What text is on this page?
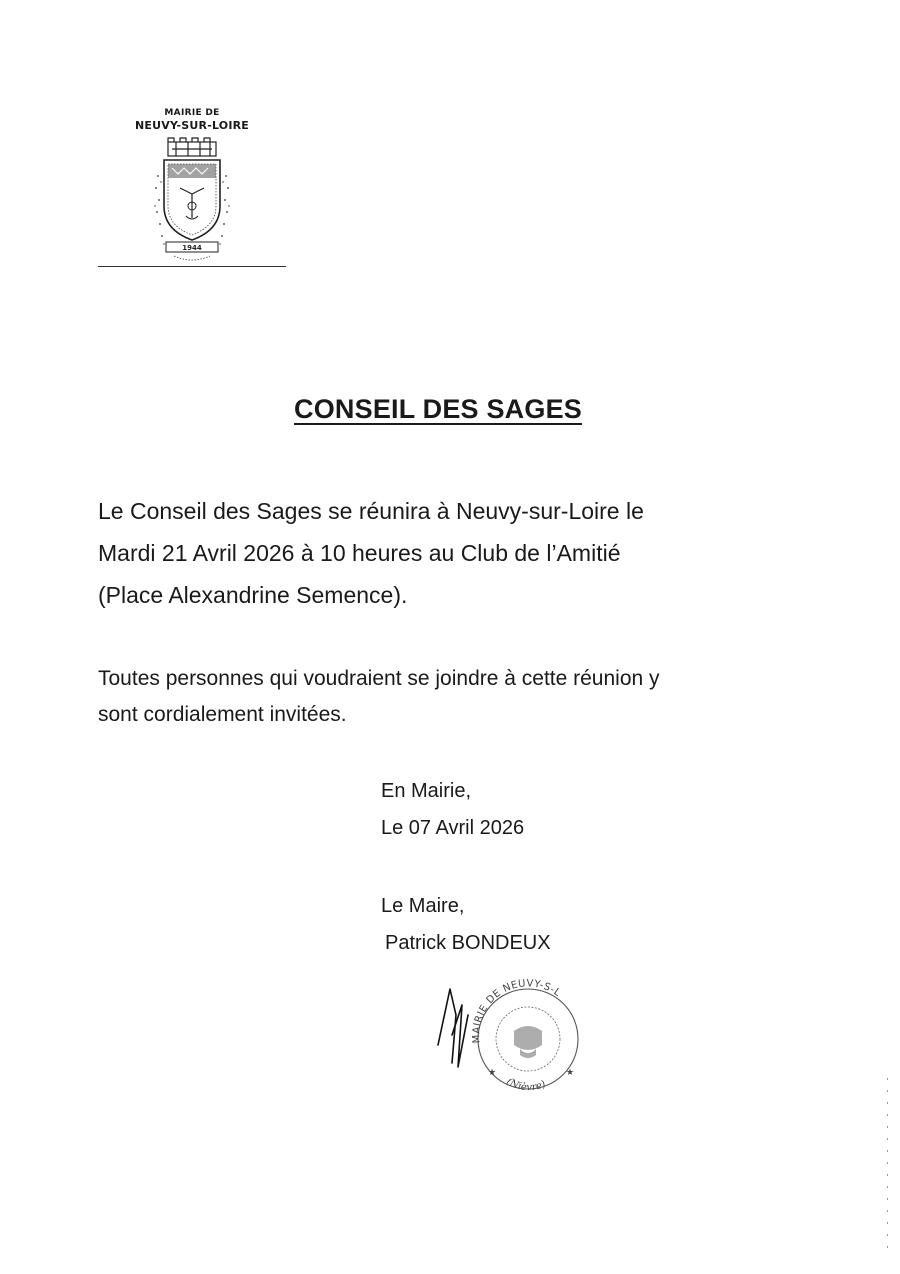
MAIRIE DE
NEUVY-SUR-LOIRE
1944
CONSEIL DES SAGES
Le Conseil des Sages se réunira à Neuvy-sur-Loire le
Mardi 21 Avril 2026 à 10 heures au Club de l’Amitié
(Place Alexandrine Semence).
Toutes personnes qui voudraient se joindre à cette réunion y
sont cordialement invitées.
En Mairie,
Le 07 Avril 2026
Le Maire,
Patrick BONDEUX
MAIRIE DE NEUVY-S-L
(Nièvre)
★	★
